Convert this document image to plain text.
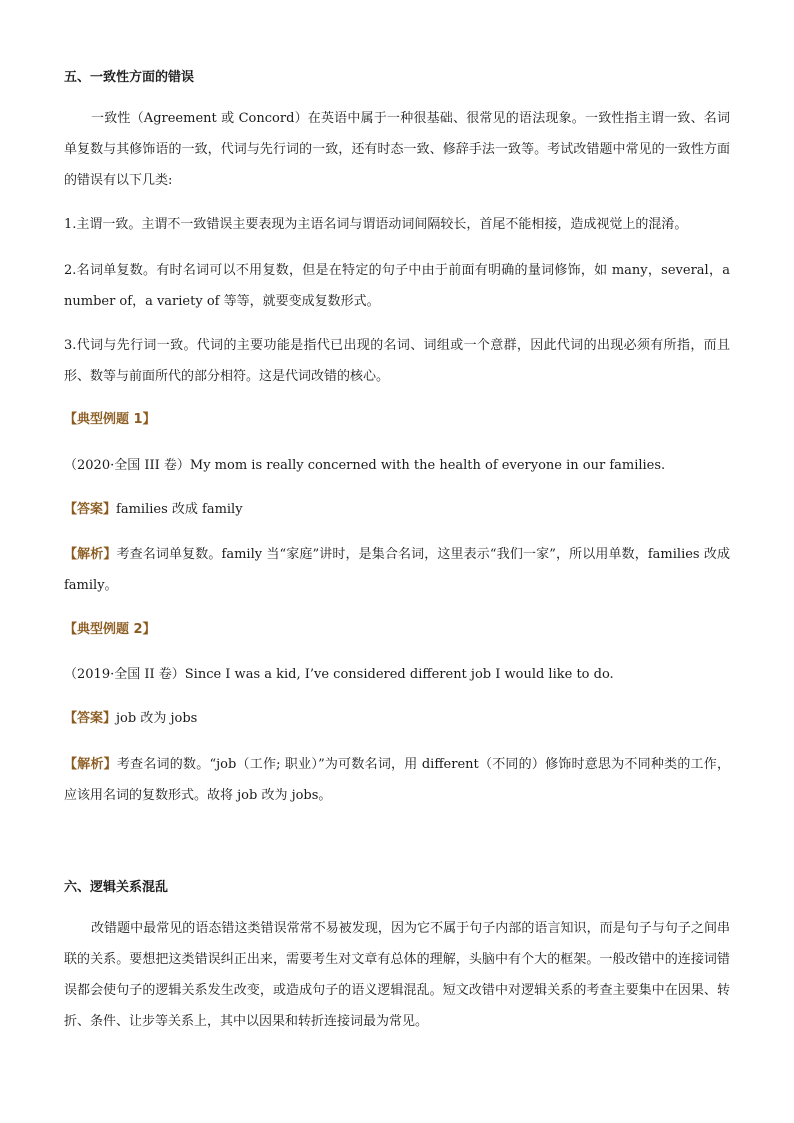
五、一致性方面的错误
一致性（Agreement 或 Concord）在英语中属于一种很基础、很常见的语法现象。一致性指主谓一致、名词单复数与其修饰语的一致，代词与先行词的一致，还有时态一致、修辞手法一致等。考试改错题中常见的一致性方面的错误有以下几类:
1.主谓一致。主谓不一致错误主要表现为主语名词与谓语动词间隔较长，首尾不能相接，造成视觉上的混淆。
2.名词单复数。有时名词可以不用复数，但是在特定的句子中由于前面有明确的量词修饰，如 many，several，a number of，a variety of 等等，就要变成复数形式。
3.代词与先行词一致。代词的主要功能是指代已出现的名词、词组或一个意群，因此代词的出现必须有所指，而且形、数等与前面所代的部分相符。这是代词改错的核心。
【典型例题 1】
（2020·全国 III 卷）My mom is really concerned with the health of everyone in our families.
【答案】families 改成 family
【解析】考查名词单复数。family 当“家庭”讲时，是集合名词，这里表示“我们一家”，所以用单数，families 改成 family。
【典型例题 2】
（2019·全国 II 卷）Since I was a kid, I’ve considered different job I would like to do.
【答案】job 改为 jobs
【解析】考查名词的数。“job（工作; 职业）”为可数名词，用 different（不同的）修饰时意思为不同种类的工作，应该用名词的复数形式。故将 job 改为 jobs。
六、逻辑关系混乱
改错题中最常见的语态错这类错误常常不易被发现，因为它不属于句子内部的语言知识，而是句子与句子之间串联的关系。要想把这类错误纠正出来，需要考生对文章有总体的理解，头脑中有个大的框架。一般改错中的连接词错误都会使句子的逻辑关系发生改变，或造成句子的语义逻辑混乱。短文改错中对逻辑关系的考查主要集中在因果、转折、条件、让步等关系上，其中以因果和转折连接词最为常见。
